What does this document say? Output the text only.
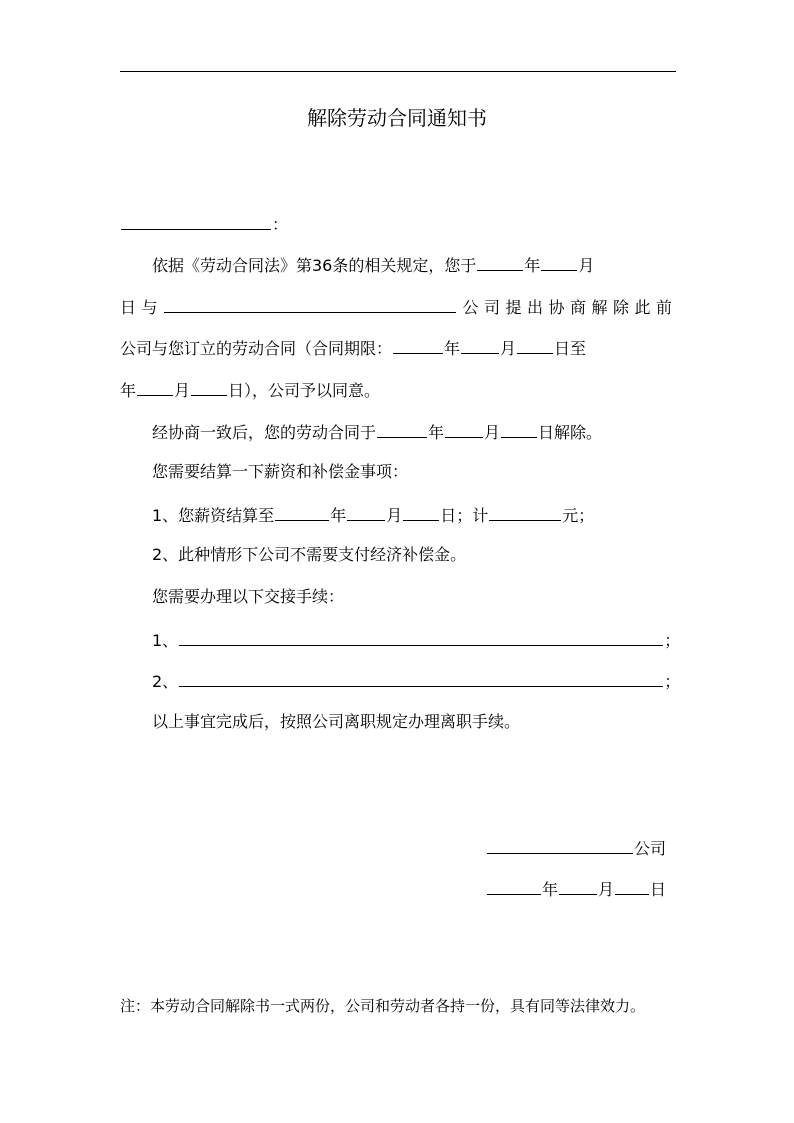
解除劳动合同通知书
：
依据《劳动合同法》第36条的相关规定，您于	年 月
日与	公司提出协商解除此前
公司与您订立的劳动合同（合同期限：	年	月 日至
年 月 日），公司予以同意。
经协商一致后，您的劳动合同于	年	月 日解除。
您需要结算一下薪资和补偿金事项：
1、您薪资结算至	年	月 日；计	元；
2、此种情形下公司不需要支付经济补偿金。
您需要办理以下交接手续：
1、	；
2、	；
以上事宜完成后，按照公司离职规定办理离职手续。
公司
年	月 日
注：本劳动合同解除书一式两份，公司和劳动者各持一份，具有同等法律效力。
